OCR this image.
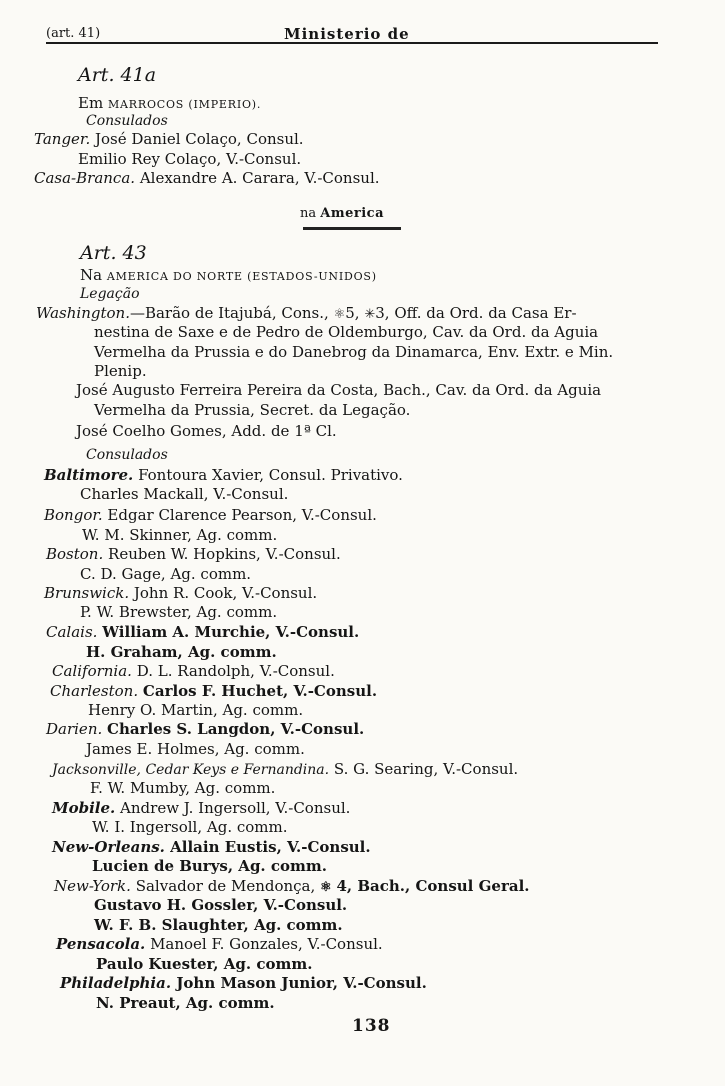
(art. 41)	Ministerio de
Art. 41a
Em MARROCOS (IMPERIO).
Consulados
Tanger. José Daniel Colaço, Consul.
Emilio Rey Colaço, V.-Consul.
Casa-Branca. Alexandre A. Carara, V.-Consul.
na America
Art. 43
Na AMERICA DO NORTE (ESTADOS-UNIDOS)
Legação
Washington.—Barão de Itajubá, Cons., ⚛5, ✳3, Off. da Ord. da Casa Er-
nestina de Saxe e de Pedro de Oldemburgo, Cav. da Ord. da Aguia
Vermelha da Prussia e do Danebrog da Dinamarca, Env. Extr. e Min.
Plenip.
José Augusto Ferreira Pereira da Costa, Bach., Cav. da Ord. da Aguia
Vermelha da Prussia, Secret. da Legação.
José Coelho Gomes, Add. de 1ª Cl.
Consulados
Baltimore. Fontoura Xavier, Consul. Privativo.
Charles Mackall, V.-Consul.
Bongor. Edgar Clarence Pearson, V.-Consul.
W. M. Skinner, Ag. comm.
Boston. Reuben W. Hopkins, V.-Consul.
C. D. Gage, Ag. comm.
Brunswick. John R. Cook, V.-Consul.
P. W. Brewster, Ag. comm.
Calais. William A. Murchie, V.-Consul.
H. Graham, Ag. comm.
California. D. L. Randolph, V.-Consul.
Charleston. Carlos F. Huchet, V.-Consul.
Henry O. Martin, Ag. comm.
Darien. Charles S. Langdon, V.-Consul.
James E. Holmes, Ag. comm.
Jacksonville, Cedar Keys e Fernandina. S. G. Searing, V.-Consul.
F. W. Mumby, Ag. comm.
Mobile. Andrew J. Ingersoll, V.-Consul.
W. I. Ingersoll, Ag. comm.
New-Orleans. Allain Eustis, V.-Consul.
Lucien de Burys, Ag. comm.
New-York. Salvador de Mendonça, ⚛ 4, Bach., Consul Geral.
Gustavo H. Gossler, V.-Consul.
W. F. B. Slaughter, Ag. comm.
Pensacola. Manoel F. Gonzales, V.-Consul.
Paulo Kuester, Ag. comm.
Philadelphia. John Mason Junior, V.-Consul.
N. Preaut, Ag. comm.
138
